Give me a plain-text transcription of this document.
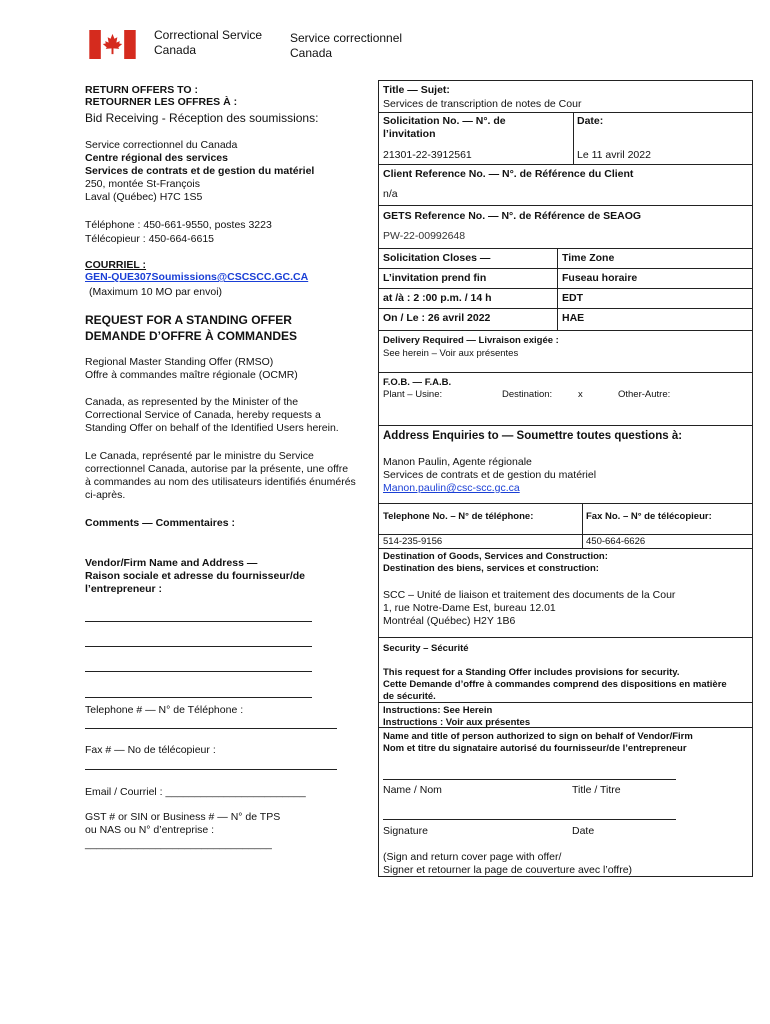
Correctional Service
Canada
Service correctionnel
Canada
RETURN OFFERS TO :
RETOURNER LES OFFRES À :
Bid Receiving - Réception des soumissions:
Service correctionnel du Canada
Centre régional des services
Services de contrats et de gestion du matériel
250, montée St-François
Laval (Québec) H7C 1S5
Téléphone : 450-661-9550, postes 3223
Télécopieur : 450-664-6615
COURRIEL :
GEN-QUE307Soumissions@CSCSCC.GC.CA
(Maximum 10 MO par envoi)
REQUEST FOR A STANDING OFFER
DEMANDE D’OFFRE À COMMANDES
Regional Master Standing Offer (RMSO)
Offre à commandes maître régionale (OCMR)
Canada, as represented by the Minister of the
Correctional Service of Canada, hereby requests a
Standing Offer on behalf of the Identified Users herein.
Le Canada, représenté par le ministre du Service
correctionnel Canada, autorise par la présente, une offre
à commandes au nom des utilisateurs identifiés énumérés
ci-après.
Comments — Commentaires :
Vendor/Firm Name and Address —
Raison sociale et adresse du fournisseur/de
l’entrepreneur :
Telephone # — N° de Téléphone :
Fax # — No de télécopieur :
Email / Courriel : ________________________
GST # or SIN or Business # — N° de TPS
ou NAS ou N° d’entreprise :
________________________________
Title — Sujet:
Services de transcription de notes de Cour
Solicitation No. — N°. de
l’invitation
Date:
21301-22-3912561	Le 11 avril 2022
Client Reference No. — N°. de Référence du Client
n/a
GETS Reference No. — N°. de Référence de SEAOG
PW-22-00992648
Solicitation Closes —	Time Zone
L’invitation prend fin	Fuseau horaire
at /à : 2 :00 p.m. / 14 h	EDT
On / Le : 26 avril 2022	HAE
Delivery Required — Livraison exigée :
See herein – Voir aux présentes
F.O.B. — F.A.B.
Plant – Usine:	Destination:	x	Other-Autre:
Address Enquiries to — Soumettre toutes questions à:
Manon Paulin, Agente régionale
Services de contrats et de gestion du matériel
Manon.paulin@csc-scc.gc.ca
Telephone No. – N° de téléphone:	Fax No. – N° de télécopieur:
514-235-9156	450-664-6626
Destination of Goods, Services and Construction:
Destination des biens, services et construction:
SCC – Unité de liaison et traitement des documents de la Cour
1, rue Notre-Dame Est, bureau 12.01
Montréal (Québec) H2Y 1B6
Security – Sécurité
This request for a Standing Offer includes provisions for security.
Cette Demande d’offre à commandes comprend des dispositions en matière
de sécurité.
Instructions: See Herein
Instructions : Voir aux présentes
Name and title of person authorized to sign on behalf of Vendor/Firm
Nom et titre du signataire autorisé du fournisseur/de l’entrepreneur
Name / Nom	Title / Titre
Signature	Date
(Sign and return cover page with offer/
Signer et retourner la page de couverture avec l’offre)
